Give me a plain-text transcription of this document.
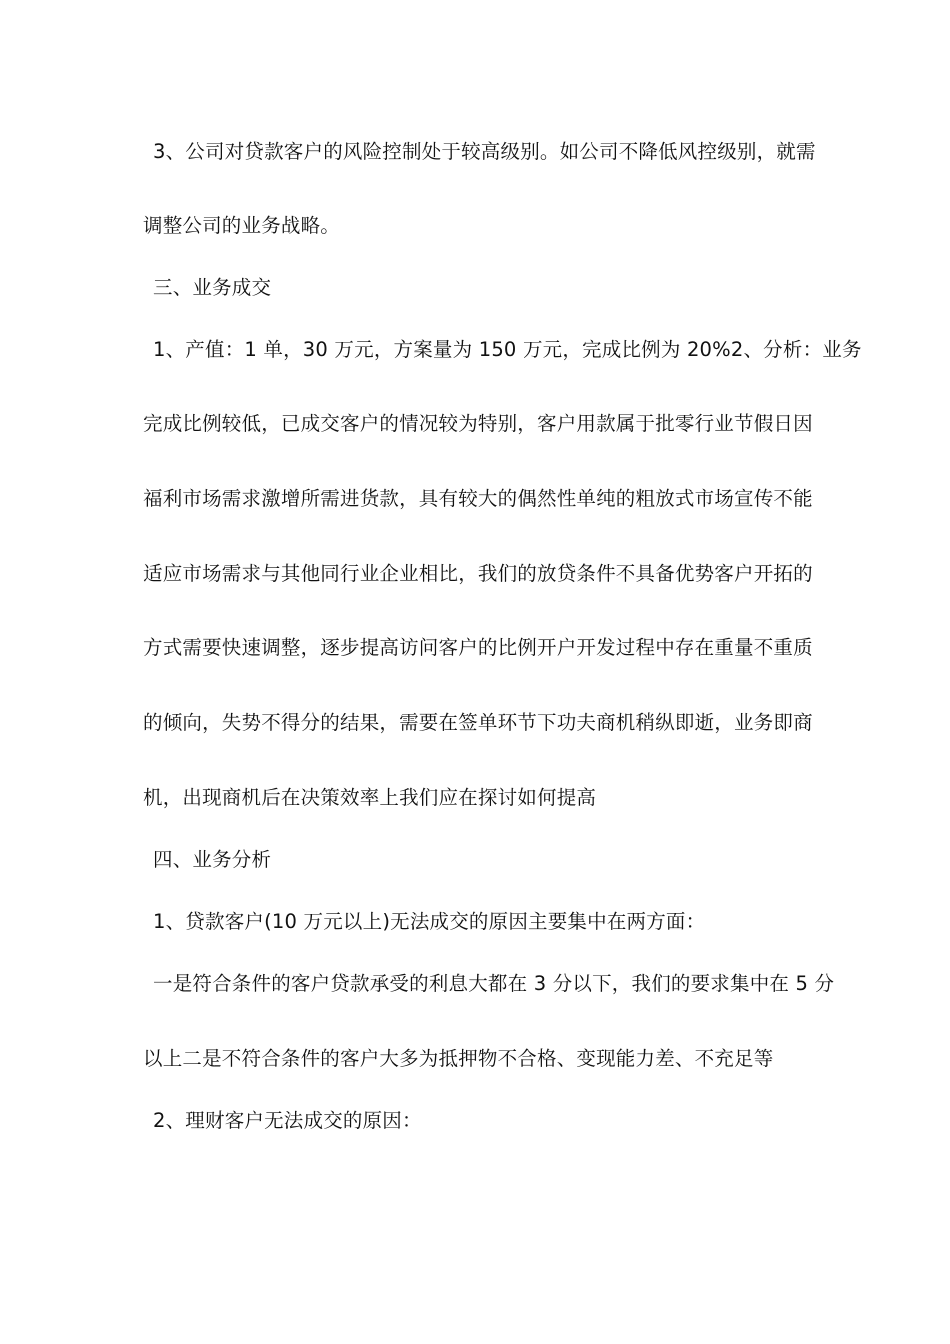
3、公司对贷款客户的风险控制处于较高级别。如公司不降低风控级别，就需
调整公司的业务战略。
三、业务成交
1、产值：1 单，30 万元，方案量为 150 万元，完成比例为 20%2、分析：业务
完成比例较低，已成交客户的情况较为特别，客户用款属于批零行业节假日因
福利市场需求激增所需进货款，具有较大的偶然性单纯的粗放式市场宣传不能
适应市场需求与其他同行业企业相比，我们的放贷条件不具备优势客户开拓的
方式需要快速调整，逐步提高访问客户的比例开户开发过程中存在重量不重质
的倾向，失势不得分的结果，需要在签单环节下功夫商机稍纵即逝，业务即商
机，出现商机后在决策效率上我们应在探讨如何提高
四、业务分析
1、贷款客户(10 万元以上)无法成交的原因主要集中在两方面：
一是符合条件的客户贷款承受的利息大都在 3 分以下，我们的要求集中在 5 分
以上二是不符合条件的客户大多为抵押物不合格、变现能力差、不充足等
2、理财客户无法成交的原因：
